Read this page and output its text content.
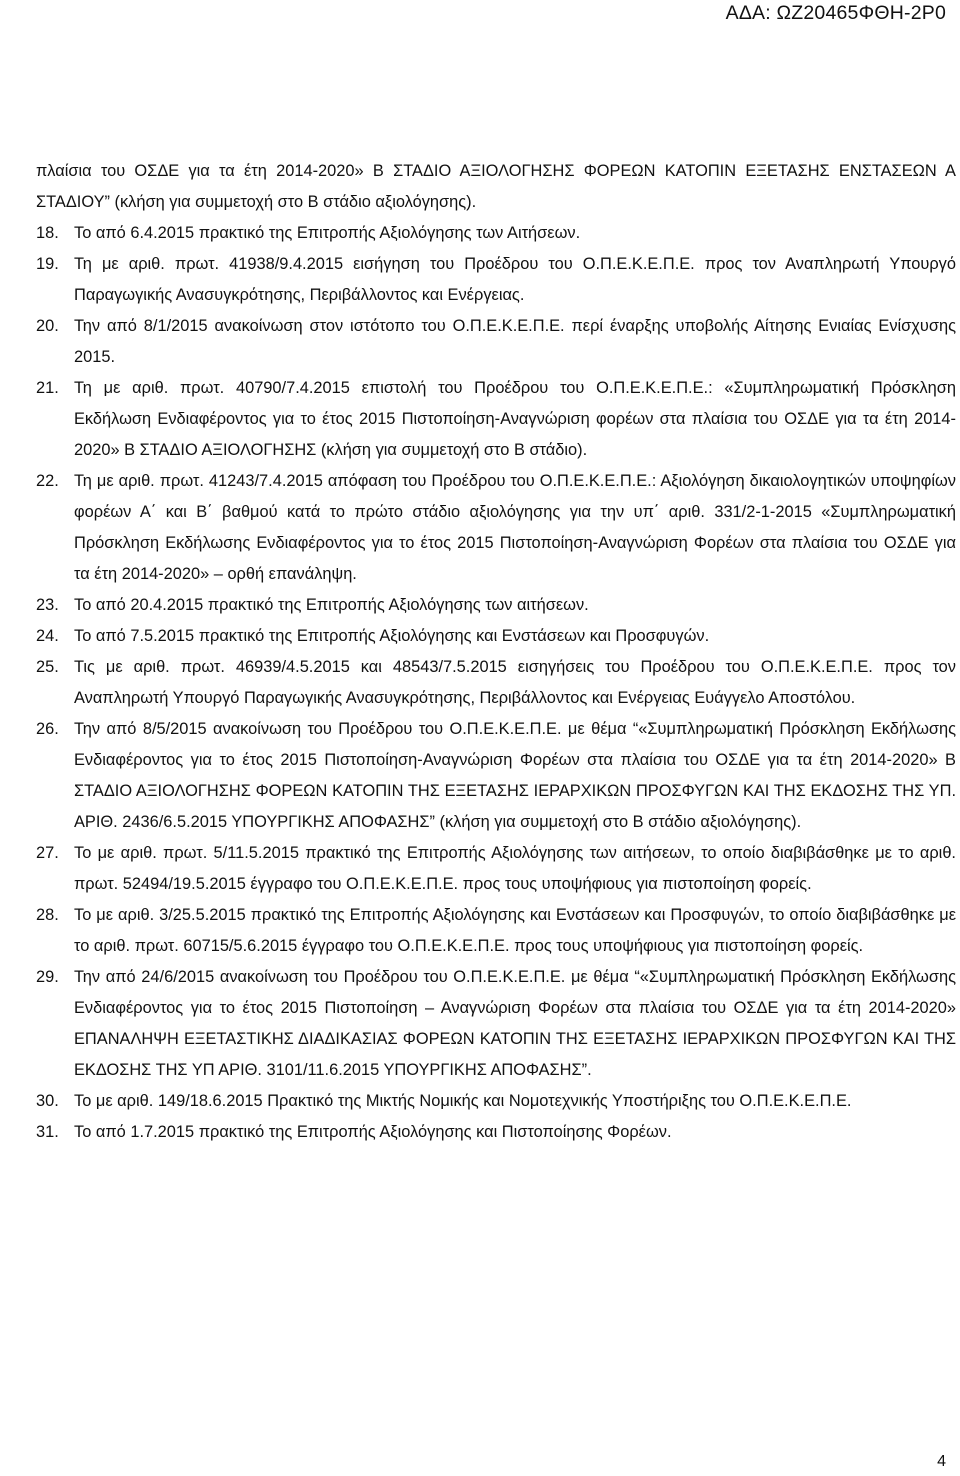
ΑΔΑ: ΩΖ20465ΦΘΗ-2Ρ0

πλαίσια του ΟΣΔΕ για τα έτη 2014-2020» Β ΣΤΑΔΙΟ ΑΞΙΟΛΟΓΗΣΗΣ ΦΟΡΕΩΝ ΚΑΤΟΠΙΝ ΕΞΕΤΑΣΗΣ ΕΝΣΤΑΣΕΩΝ Α ΣΤΑΔΙΟΥ” (κλήση για συμμετοχή στο Β στάδιο αξιολόγησης).

18. Το από 6.4.2015 πρακτικό της Επιτροπής Αξιολόγησης των Αιτήσεων.
19. Τη με αριθ. πρωτ. 41938/9.4.2015 εισήγηση του Προέδρου του Ο.Π.Ε.Κ.Ε.Π.Ε. προς τον Αναπληρωτή Υπουργό Παραγωγικής Ανασυγκρότησης, Περιβάλλοντος και Ενέργειας.
20. Την από 8/1/2015 ανακοίνωση στον ιστότοπο του Ο.Π.Ε.Κ.Ε.Π.Ε. περί έναρξης υποβολής Αίτησης Ενιαίας Ενίσχυσης 2015.
21. Τη με αριθ. πρωτ. 40790/7.4.2015 επιστολή του Προέδρου του Ο.Π.Ε.Κ.Ε.Π.Ε.: «Συμπληρωματική Πρόσκληση Εκδήλωση Ενδιαφέροντος για το έτος 2015 Πιστοποίηση-Αναγνώριση φορέων στα πλαίσια του ΟΣΔΕ για τα έτη 2014-2020» Β ΣΤΑΔΙΟ ΑΞΙΟΛΟΓΗΣΗΣ (κλήση για συμμετοχή στο Β στάδιο).
22. Τη με αριθ. πρωτ. 41243/7.4.2015 απόφαση του Προέδρου του Ο.Π.Ε.Κ.Ε.Π.Ε.: Αξιολόγηση δικαιολογητικών υποψηφίων φορέων Α΄ και Β΄ βαθμού κατά το πρώτο στάδιο αξιολόγησης για την υπ΄ αριθ. 331/2-1-2015 «Συμπληρωματική Πρόσκληση Εκδήλωσης Ενδιαφέροντος για το έτος 2015 Πιστοποίηση-Αναγνώριση Φορέων στα πλαίσια του ΟΣΔΕ για τα έτη 2014-2020» – ορθή επανάληψη.
23. Το από 20.4.2015 πρακτικό της Επιτροπής Αξιολόγησης των αιτήσεων.
24. Το από 7.5.2015 πρακτικό της Επιτροπής Αξιολόγησης και Ενστάσεων και Προσφυγών.
25. Τις με αριθ. πρωτ. 46939/4.5.2015 και 48543/7.5.2015 εισηγήσεις του Προέδρου του Ο.Π.Ε.Κ.Ε.Π.Ε. προς τον Αναπληρωτή Υπουργό Παραγωγικής Ανασυγκρότησης, Περιβάλλοντος και Ενέργειας Ευάγγελο Αποστόλου.
26. Την από 8/5/2015 ανακοίνωση του Προέδρου του Ο.Π.Ε.Κ.Ε.Π.Ε. με θέμα “«Συμπληρωματική Πρόσκληση Εκδήλωσης Ενδιαφέροντος για το έτος 2015 Πιστοποίηση-Αναγνώριση Φορέων στα πλαίσια του ΟΣΔΕ για τα έτη 2014-2020» Β ΣΤΑΔΙΟ ΑΞΙΟΛΟΓΗΣΗΣ ΦΟΡΕΩΝ ΚΑΤΟΠΙΝ ΤΗΣ ΕΞΕΤΑΣΗΣ ΙΕΡΑΡΧΙΚΩΝ ΠΡΟΣΦΥΓΩΝ ΚΑΙ ΤΗΣ ΕΚΔΟΣΗΣ ΤΗΣ ΥΠ. ΑΡΙΘ. 2436/6.5.2015 ΥΠΟΥΡΓΙΚΗΣ ΑΠΟΦΑΣΗΣ” (κλήση για συμμετοχή στο Β στάδιο αξιολόγησης).
27. Το με αριθ. πρωτ. 5/11.5.2015 πρακτικό της Επιτροπής Αξιολόγησης των αιτήσεων, το οποίο διαβιβάσθηκε με το αριθ. πρωτ. 52494/19.5.2015 έγγραφο του Ο.Π.Ε.Κ.Ε.Π.Ε. προς τους υποψήφιους για πιστοποίηση φορείς.
28. Το με αριθ. 3/25.5.2015 πρακτικό της Επιτροπής Αξιολόγησης και Ενστάσεων και Προσφυγών, το οποίο διαβιβάσθηκε με το αριθ. πρωτ. 60715/5.6.2015 έγγραφο του Ο.Π.Ε.Κ.Ε.Π.Ε. προς τους υποψήφιους για πιστοποίηση φορείς.
29. Την από 24/6/2015 ανακοίνωση του Προέδρου του Ο.Π.Ε.Κ.Ε.Π.Ε. με θέμα “«Συμπληρωματική Πρόσκληση Εκδήλωσης Ενδιαφέροντος για το έτος 2015 Πιστοποίηση – Αναγνώριση Φορέων στα πλαίσια του ΟΣΔΕ για τα έτη 2014-2020» ΕΠΑΝΑΛΗΨΗ ΕΞΕΤΑΣΤΙΚΗΣ ΔΙΑΔΙΚΑΣΙΑΣ ΦΟΡΕΩΝ ΚΑΤΟΠΙΝ ΤΗΣ ΕΞΕΤΑΣΗΣ ΙΕΡΑΡΧΙΚΩΝ ΠΡΟΣΦΥΓΩΝ ΚΑΙ ΤΗΣ ΕΚΔΟΣΗΣ ΤΗΣ ΥΠ ΑΡΙΘ. 3101/11.6.2015 ΥΠΟΥΡΓΙΚΗΣ ΑΠΟΦΑΣΗΣ”.
30. Το με αριθ. 149/18.6.2015 Πρακτικό της Μικτής Νομικής και Νομοτεχνικής Υποστήριξης του Ο.Π.Ε.Κ.Ε.Π.Ε.
31. Το από 1.7.2015 πρακτικό της Επιτροπής Αξιολόγησης και Πιστοποίησης Φορέων.
4
